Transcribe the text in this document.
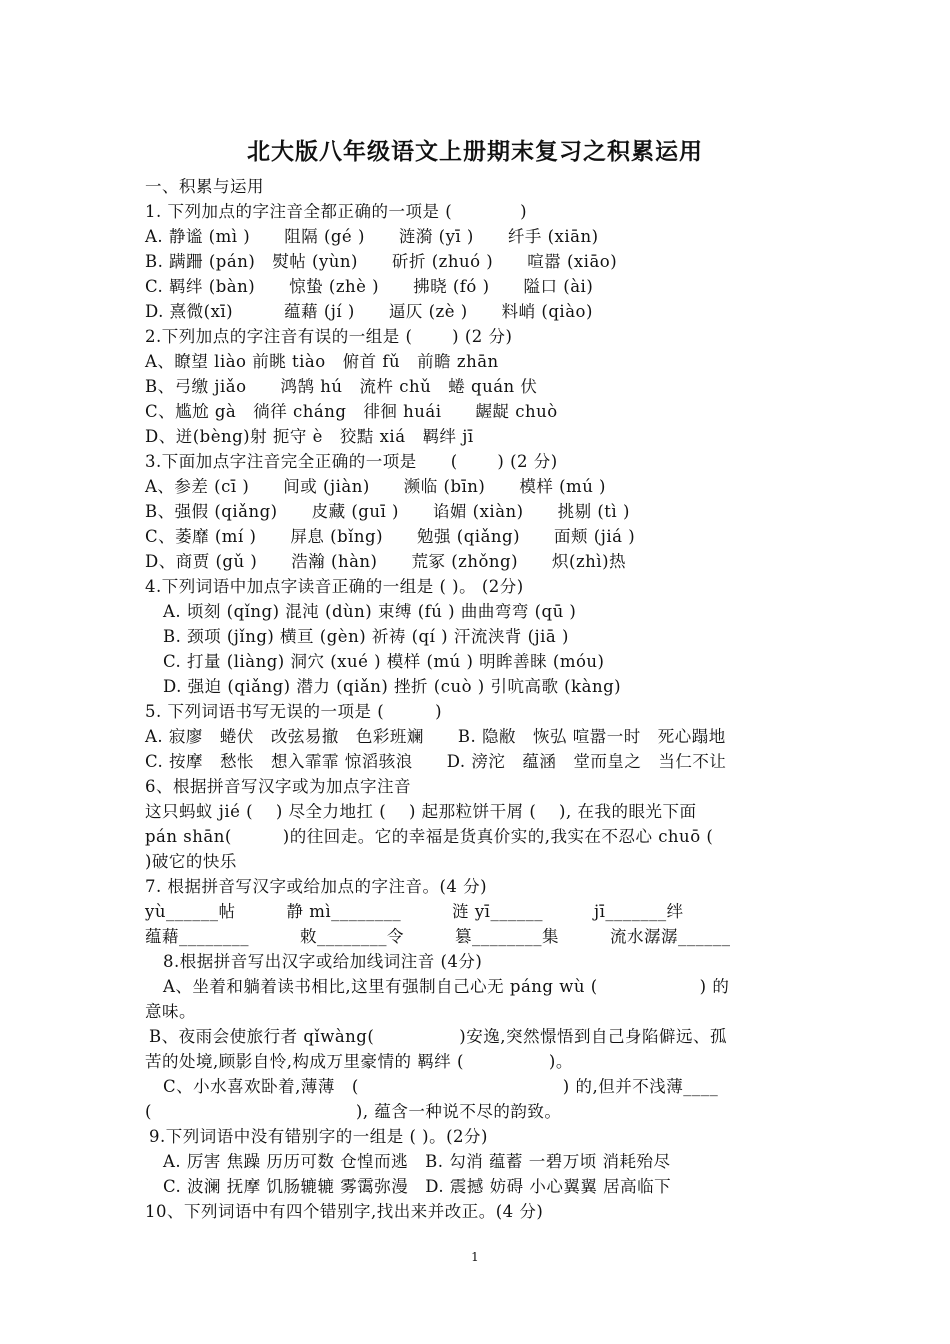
北大版八年级语文上册期末复习之积累运用
一、积累与运用
1. 下列加点的字注音全都正确的一项是 (　　　　)
A. 静谧 (mì )　　阻隔 (gé )　　涟漪 (yī )　　纤手 (xiān)
B. 蹒跚 (pán)　熨帖 (yùn)　　斫折 (zhuó )　　喧嚣 (xiāo)
C. 羁绊 (bàn)　　惊蛰 (zhè )　　拂晓 (fó )　　隘口 (ài)
D. 熹微(xī)　　　蕴藉 (jí )　　逼仄 (zè )　　料峭 (qiào)
2.下列加点的字注音有误的一组是 (　　 ) (2 分)
A、瞭望 liào 前眺 tiào　俯首 fǔ　前瞻 zhān
B、弓缴 jiǎo　　鸿鹄 hú　流杵 chǔ　蜷 quán 伏
C、尴尬 gà　徜徉 cháng　徘徊 huái　　龌龊 chuò
D、迸(bèng)射 扼守 è　狡黠 xiá　羁绊 jī
3.下面加点字注音完全正确的一项是　　(　　 ) (2 分)
A、参差 (cī )　　间或 (jiàn)　　濒临 (bīn)　　模样 (mú )
B、强假 (qiǎng)　　皮藏 (guī )　　谄媚 (xiàn)　　挑剔 (tì )
C、萎靡 (mí )　　屏息 (bǐng)　　勉强 (qiǎng)　　面颊 (jiá )
D、商贾 (gǔ )　　浩瀚 (hàn)　　荒冢 (zhǒng)　　炽(zhì)热
4.下列词语中加点字读音正确的一组是 ( )。 (2分)
A. 顷刻 (qǐng) 混沌 (dùn) 束缚 (fú ) 曲曲弯弯 (qū )
B. 颈项 (jǐng) 横亘 (gèn) 祈祷 (qí ) 汗流浃背 (jiā )
C. 打量 (liàng) 洞穴 (xué ) 模样 (mú ) 明眸善睐 (móu)
D. 强迫 (qiǎng) 潜力 (qiǎn) 挫折 (cuò ) 引吭高歌 (kàng)
5. 下列词语书写无误的一项是 (　　　)
A. 寂廖　蜷伏　改弦易撤　色彩班斓　　B. 隐敝　恢弘 喧嚣一时　死心蹋地
C. 按摩　愁怅　想入霏霏 惊滔骇浪　　D. 滂沱　蕴涵　堂而皇之　当仁不让
6、根据拼音写汉字或为加点字注音
这只蚂蚁 jié (　 ) 尽全力地扛 (　 ) 起那粒饼干屑 (　 ), 在我的眼光下面
pán shān(　　　)的往回走。它的幸福是货真价实的,我实在不忍心 chuō (
)破它的快乐
7. 根据拼音写汉字或给加点的字注音。(4 分)
yù______帖　　　静 mì________　　　涟 yī______　　　jī_______绊
蕴藉________　　　敕________令　　　篡________集　　　流水潺潺______
8.根据拼音写出汉字或给加线词注音 (4分)
A、坐着和躺着读书相比,这里有强制自己心无 páng wù (　　　　　　) 的
意味。
B、夜雨会使旅行者 qǐwàng(　　　　　)安逸,突然憬悟到自己身陷僻远、孤
苦的处境,顾影自怜,构成万里豪情的 羁绊 (　　　　　)。
C、小水喜欢卧着,薄薄　(　　　　　　　　　　　　) 的,但并不浅薄____
(　　　　　　　　　　　　), 蕴含一种说不尽的韵致。
9.下列词语中没有错别字的一组是 ( )。(2分)
A. 厉害 焦躁 历历可数 仓惶而逃　B. 勾消 蕴蓄 一碧万顷 消耗殆尽
C. 波澜 抚摩 饥肠辘辘 雾霭弥漫　D. 震撼 妨碍 小心翼翼 居高临下
10、下列词语中有四个错别字,找出来并改正。(4 分)
1
